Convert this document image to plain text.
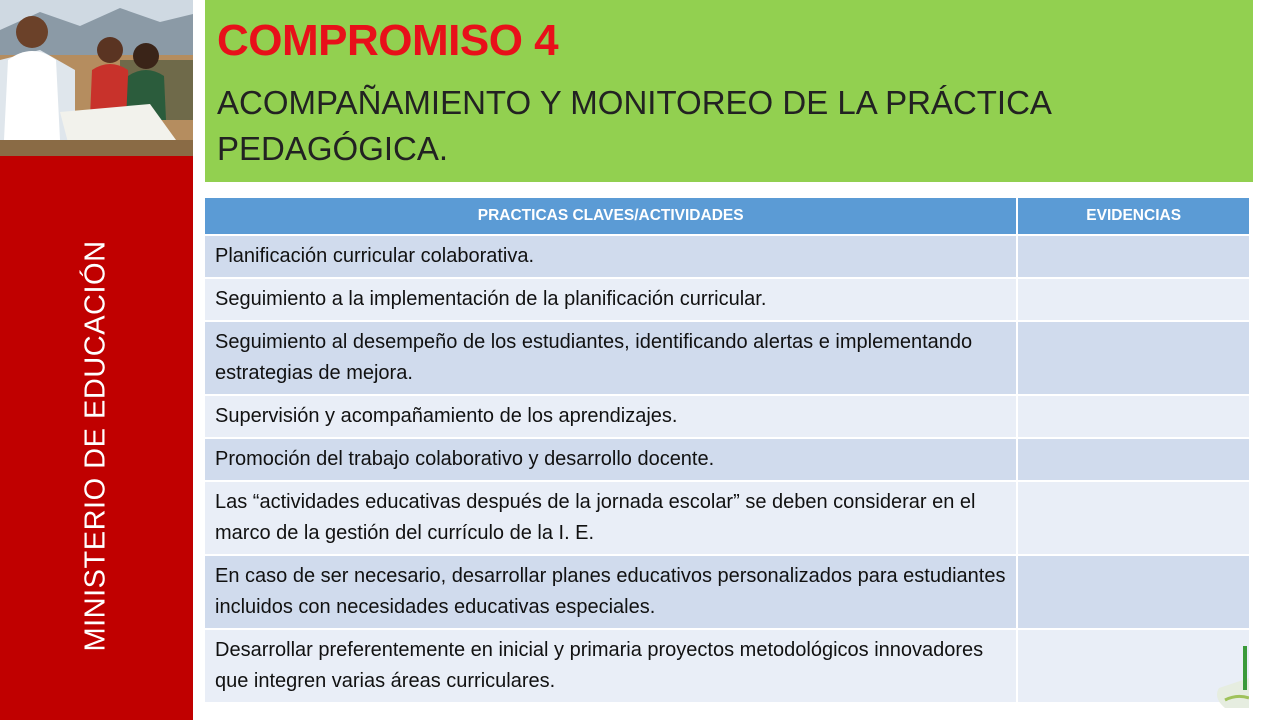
MINISTERIO DE EDUCACIÓN
COMPROMISO 4
ACOMPAÑAMIENTO Y MONITOREO DE LA PRÁCTICA PEDAGÓGICA.
PRACTICAS CLAVES/ACTIVIDADES	EVIDENCIAS
Planificación curricular colaborativa.	
Seguimiento a la implementación de la planificación curricular.	
Seguimiento al desempeño de los estudiantes, identificando alertas e implementando estrategias de mejora.	
Supervisión y acompañamiento de los aprendizajes.	
Promoción del trabajo colaborativo y desarrollo docente.	
Las “actividades educativas después de la jornada escolar” se deben considerar en el marco de la gestión del currículo de la I. E.	
En caso de ser necesario, desarrollar planes educativos personalizados para estudiantes incluidos con necesidades educativas especiales.	
Desarrollar preferentemente en inicial y primaria proyectos metodológicos innovadores que integren varias áreas curriculares.	
